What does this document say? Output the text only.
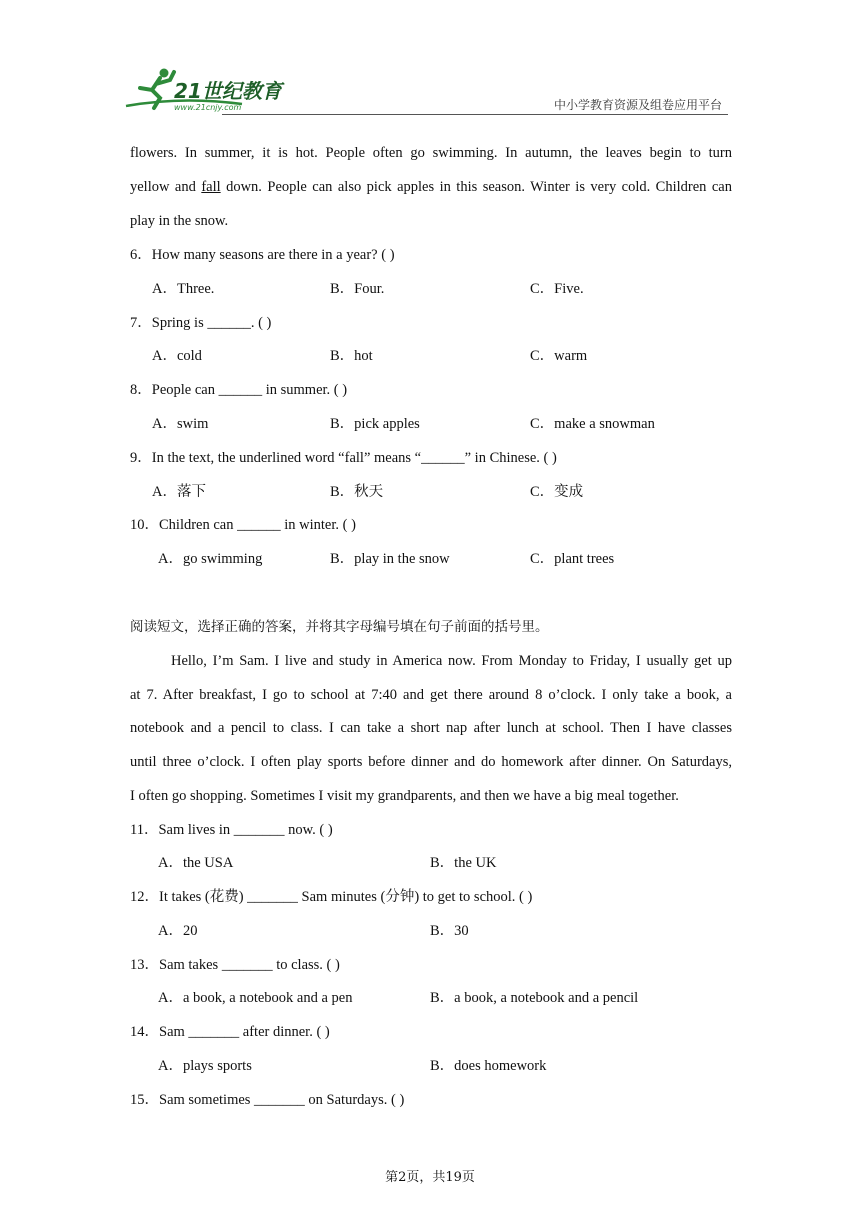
21世纪教育
www.21cnjy.com	中小学教育资源及组卷应用平台
flowers. In summer, it is hot. People often go swimming. In autumn, the leaves begin to turn
yellow and fall down. People can also pick apples in this season. Winter is very cold. Children can
play in the snow.
6．How many seasons are there in a year? ( )
A．Three.	B．Four.	C．Five.
7．Spring is ______. ( )
A．cold	B．hot	C．warm
8．People can ______ in summer. ( )
A．swim	B．pick apples	C．make a snowman
9．In the text, the underlined word “fall” means “______” in Chinese. ( )
A．落下	B．秋天	C．变成
10．Children can ______ in winter. ( )
A．go swimming	B．play in the snow	C．plant trees
阅读短文，选择正确的答案，并将其字母编号填在句子前面的括号里。
Hello, I’m Sam. I live and study in America now. From Monday to Friday, I usually get up
at 7. After breakfast, I go to school at 7:40 and get there around 8 o’clock. I only take a book, a
notebook and a pencil to class. I can take a short nap after lunch at school. Then I have classes
until three o’clock. I often play sports before dinner and do homework after dinner. On Saturdays,
I often go shopping. Sometimes I visit my grandparents, and then we have a big meal together.
11．Sam lives in _______ now. ( )
A．the USA	B．the UK
12．It takes (花费) _______ Sam minutes (分钟) to get to school. ( )
A．20	B．30
13．Sam takes _______ to class. ( )
A．a book, a notebook and a pen	B．a book, a notebook and a pencil
14．Sam _______ after dinner. ( )
A．plays sports	B．does homework
15．Sam sometimes _______ on Saturdays. ( )
第2页，共19页
